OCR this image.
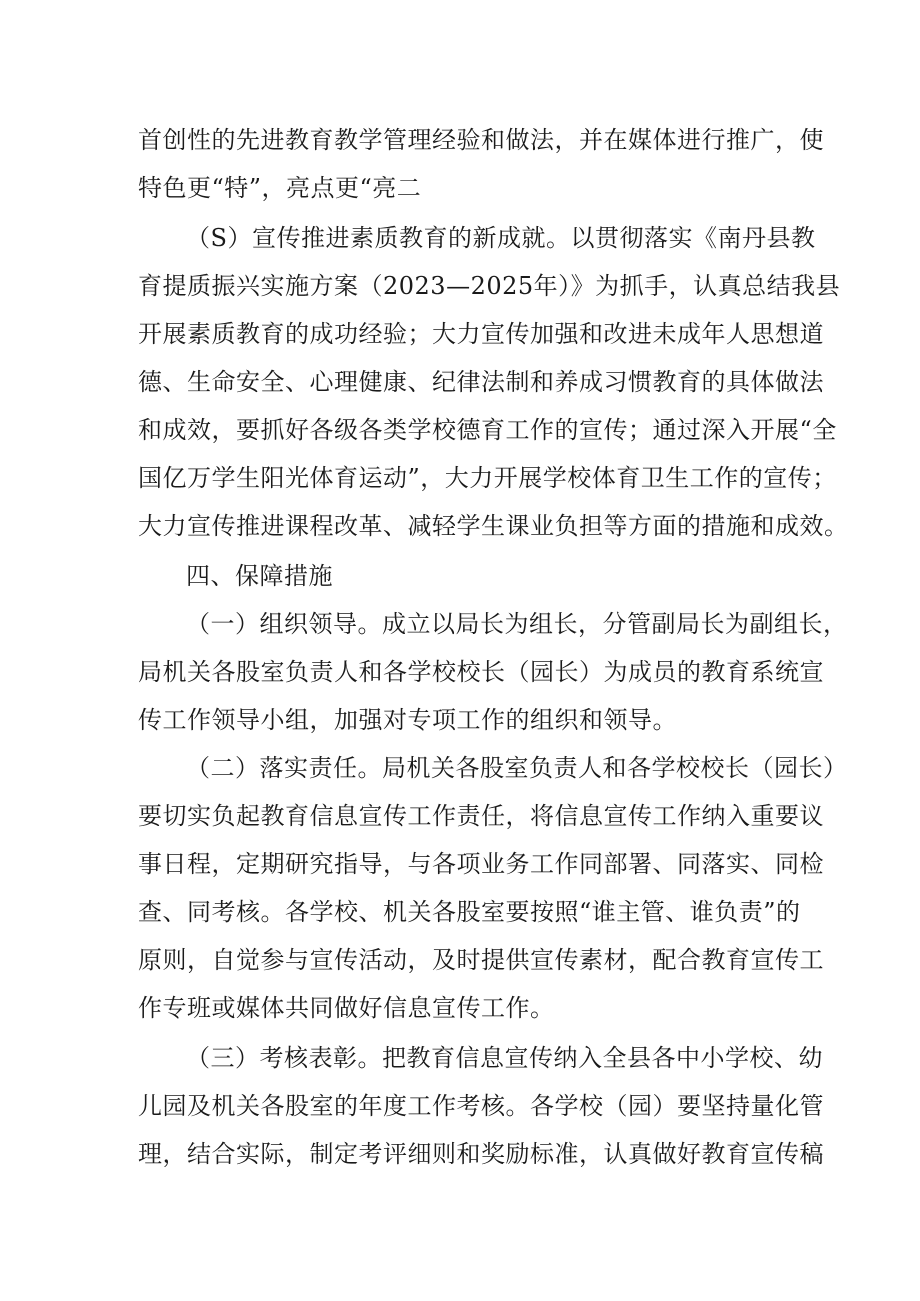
首创性的先进教育教学管理经验和做法，并在媒体进行推广，使
特色更“特”，亮点更“亮二
（S）宣传推进素质教育的新成就。以贯彻落实《南丹县教
育提质振兴实施方案（2023—2025年）》为抓手，认真总结我县
开展素质教育的成功经验；大力宣传加强和改进未成年人思想道
德、生命安全、心理健康、纪律法制和养成习惯教育的具体做法
和成效，要抓好各级各类学校德育工作的宣传；通过深入开展“全
国亿万学生阳光体育运动”，大力开展学校体育卫生工作的宣传；
大力宣传推进课程改革、减轻学生课业负担等方面的措施和成效。
四、保障措施
（一）组织领导。成立以局长为组长，分管副局长为副组长，
局机关各股室负责人和各学校校长（园长）为成员的教育系统宣
传工作领导小组，加强对专项工作的组织和领导。
（二）落实责任。局机关各股室负责人和各学校校长（园长）
要切实负起教育信息宣传工作责任，将信息宣传工作纳入重要议
事日程，定期研究指导，与各项业务工作同部署、同落实、同检
查、同考核。各学校、机关各股室要按照“谁主管、谁负责”的
原则，自觉参与宣传活动，及时提供宣传素材，配合教育宣传工
作专班或媒体共同做好信息宣传工作。
（三）考核表彰。把教育信息宣传纳入全县各中小学校、幼
儿园及机关各股室的年度工作考核。各学校（园）要坚持量化管
理，结合实际，制定考评细则和奖励标准，认真做好教育宣传稿
